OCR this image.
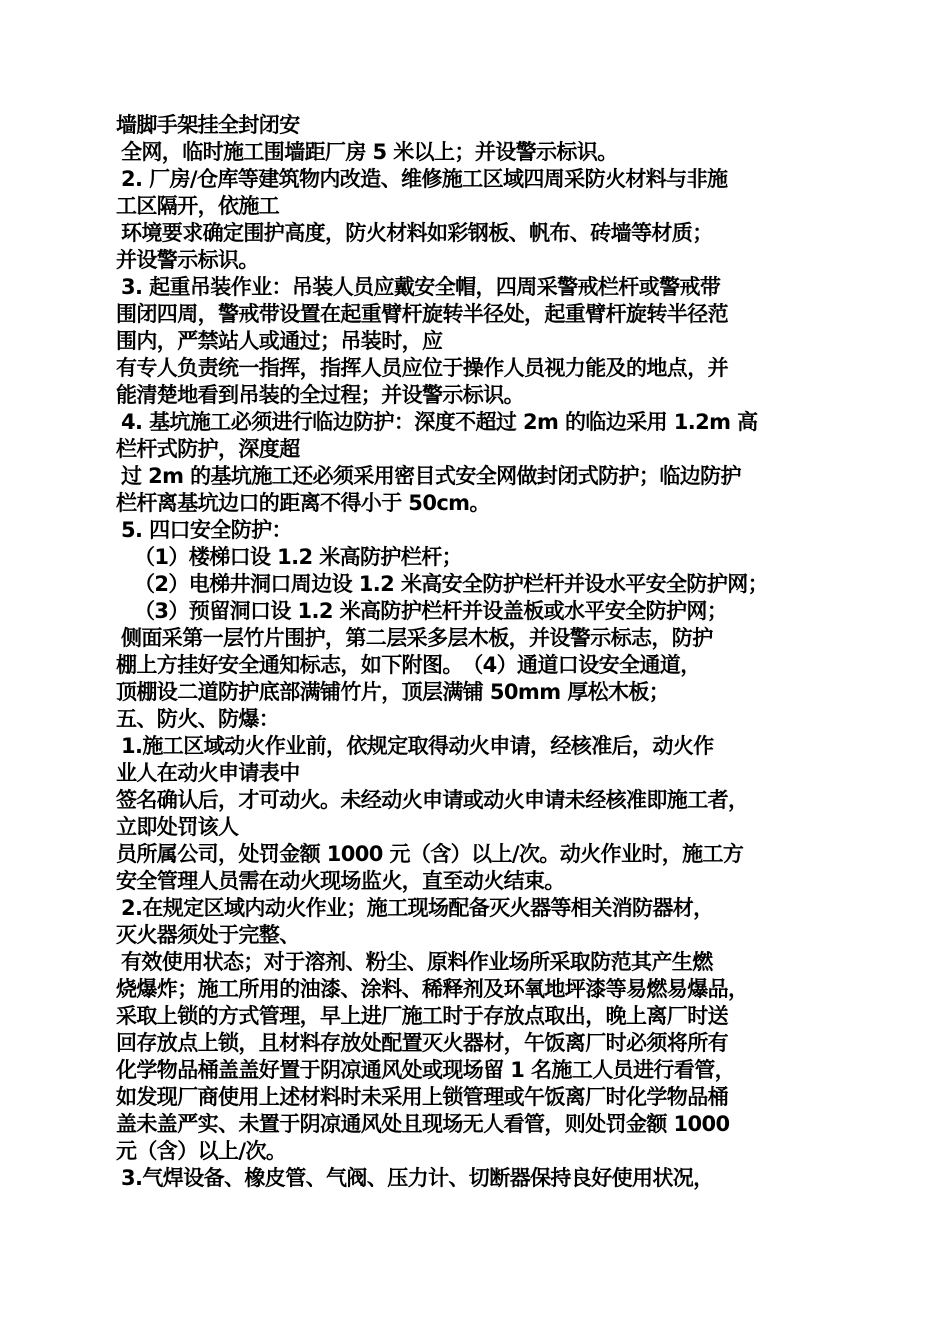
墙脚手架挂全封闭安
全网，临时施工围墙距厂房 5 米以上；并设警示标识。
2. 厂房/仓库等建筑物内改造、维修施工区域四周采防火材料与非施
工区隔开，依施工
环境要求确定围护高度，防火材料如彩钢板、帆布、砖墙等材质；
并设警示标识。
3. 起重吊装作业：吊装人员应戴安全帽，四周采警戒栏杆或警戒带
围闭四周，警戒带设置在起重臂杆旋转半径处，起重臂杆旋转半径范
围内，严禁站人或通过；吊装时，应
有专人负责统一指挥，指挥人员应位于操作人员视力能及的地点，并
能清楚地看到吊装的全过程；并设警示标识。
4. 基坑施工必须进行临边防护：深度不超过 2m 的临边采用 1.2m 高
栏杆式防护，深度超
过 2m 的基坑施工还必须采用密目式安全网做封闭式防护；临边防护
栏杆离基坑边口的距离不得小于 50cm。
5. 四口安全防护：
（1）楼梯口设 1.2 米高防护栏杆；
（2）电梯井洞口周边设 1.2 米高安全防护栏杆并设水平安全防护网；
（3）预留洞口设 1.2 米高防护栏杆并设盖板或水平安全防护网；
侧面采第一层竹片围护，第二层采多层木板，并设警示标志，防护
棚上方挂好安全通知标志，如下附图。　（4）通道口设安全通道，
顶棚设二道防护底部满铺竹片，顶层满铺 50mm 厚松木板；
五、防火、防爆：
1.施工区域动火作业前，依规定取得动火申请，经核准后，动火作
业人在动火申请表中
签名确认后，才可动火。未经动火申请或动火申请未经核准即施工者，
立即处罚该人
员所属公司，处罚金额 1000 元（含）以上/次。动火作业时，施工方
安全管理人员需在动火现场监火，直至动火结束。
2.在规定区域内动火作业；施工现场配备灭火器等相关消防器材，
灭火器须处于完整、
有效使用状态；对于溶剂、粉尘、原料作业场所采取防范其产生燃
烧爆炸；施工所用的油漆、涂料、稀释剂及环氧地坪漆等易燃易爆品，
采取上锁的方式管理，早上进厂施工时于存放点取出，晚上离厂时送
回存放点上锁，且材料存放处配置灭火器材，午饭离厂时必须将所有
化学物品桶盖盖好置于阴凉通风处或现场留 1 名施工人员进行看管，
如发现厂商使用上述材料时未采用上锁管理或午饭离厂时化学物品桶
盖未盖严实、未置于阴凉通风处且现场无人看管，则处罚金额 1000
元（含）以上/次。
3.气焊设备、橡皮管、气阀、压力计、切断器保持良好使用状况，
